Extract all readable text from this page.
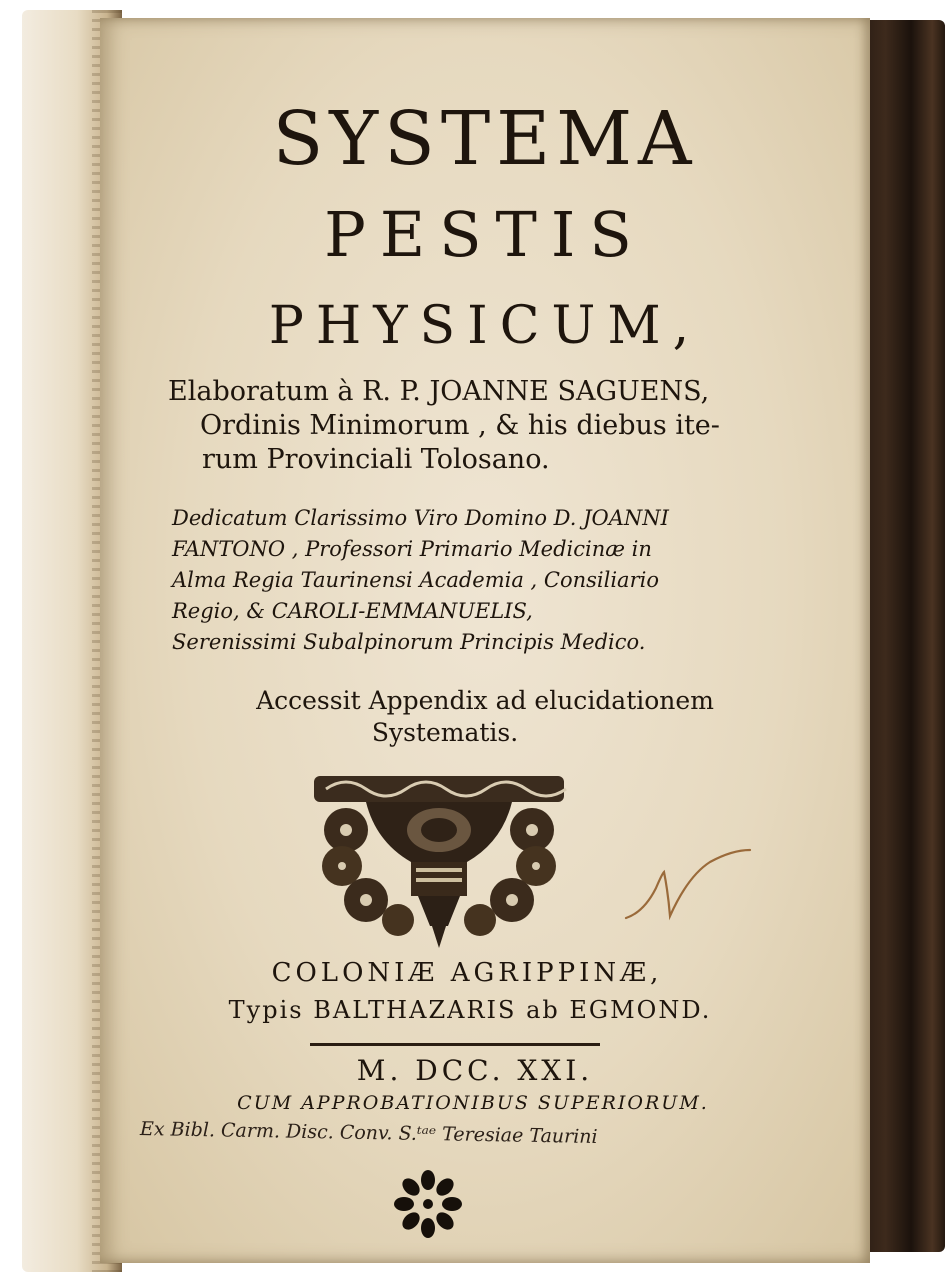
SYSTEMA
PESTIS
PHYSICUM,
Elaboratum à R. P. JOANNE SAGUENS,
Ordinis Minimorum , & his diebus ite-
rum Provinciali Tolosano.
Dedicatum Clarissimo Viro Domino D. JOANNI
FANTONO , Professori Primario Medicinæ in
Alma Regia Taurinensi Academia , Consiliario
Regio, & CAROLI-EMMANUELIS,
Serenissimi Subalpinorum Principis Medico.
Accessit Appendix ad elucidationem
Systematis.
COLONIÆ AGRIPPINÆ,
Typis BALTHAZARIS ab EGMOND.
M. DCC. XXI.
CUM APPROBATIONIBUS SUPERIORUM.
Ex Bibl. Carm. Disc. Conv. S.ᵗᵃᵉ Teresiae Taurini
